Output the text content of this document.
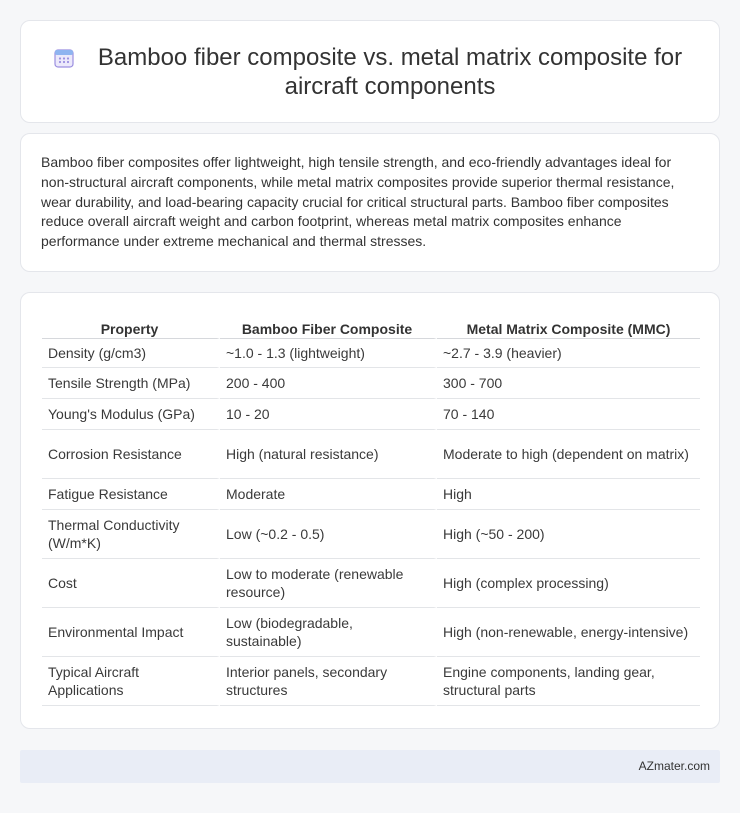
Bamboo fiber composite vs. metal matrix composite for aircraft components

Bamboo fiber composites offer lightweight, high tensile strength, and eco-friendly advantages ideal for non-structural aircraft components, while metal matrix composites provide superior thermal resistance, wear durability, and load-bearing capacity crucial for critical structural parts. Bamboo fiber composites reduce overall aircraft weight and carbon footprint, whereas metal matrix composites enhance performance under extreme mechanical and thermal stresses.

Property	Bamboo Fiber Composite	Metal Matrix Composite (MMC)
Density (g/cm3)	~1.0 - 1.3 (lightweight)	~2.7 - 3.9 (heavier)
Tensile Strength (MPa)	200 - 400	300 - 700
Young's Modulus (GPa)	10 - 20	70 - 140
Corrosion Resistance	High (natural resistance)	Moderate to high (dependent on matrix)
Fatigue Resistance	Moderate	High
Thermal Conductivity (W/m*K)	Low (~0.2 - 0.5)	High (~50 - 200)
Cost	Low to moderate (renewable resource)	High (complex processing)
Environmental Impact	Low (biodegradable, sustainable)	High (non-renewable, energy-intensive)
Typical Aircraft Applications	Interior panels, secondary structures	Engine components, landing gear, structural parts
AZmater.com
